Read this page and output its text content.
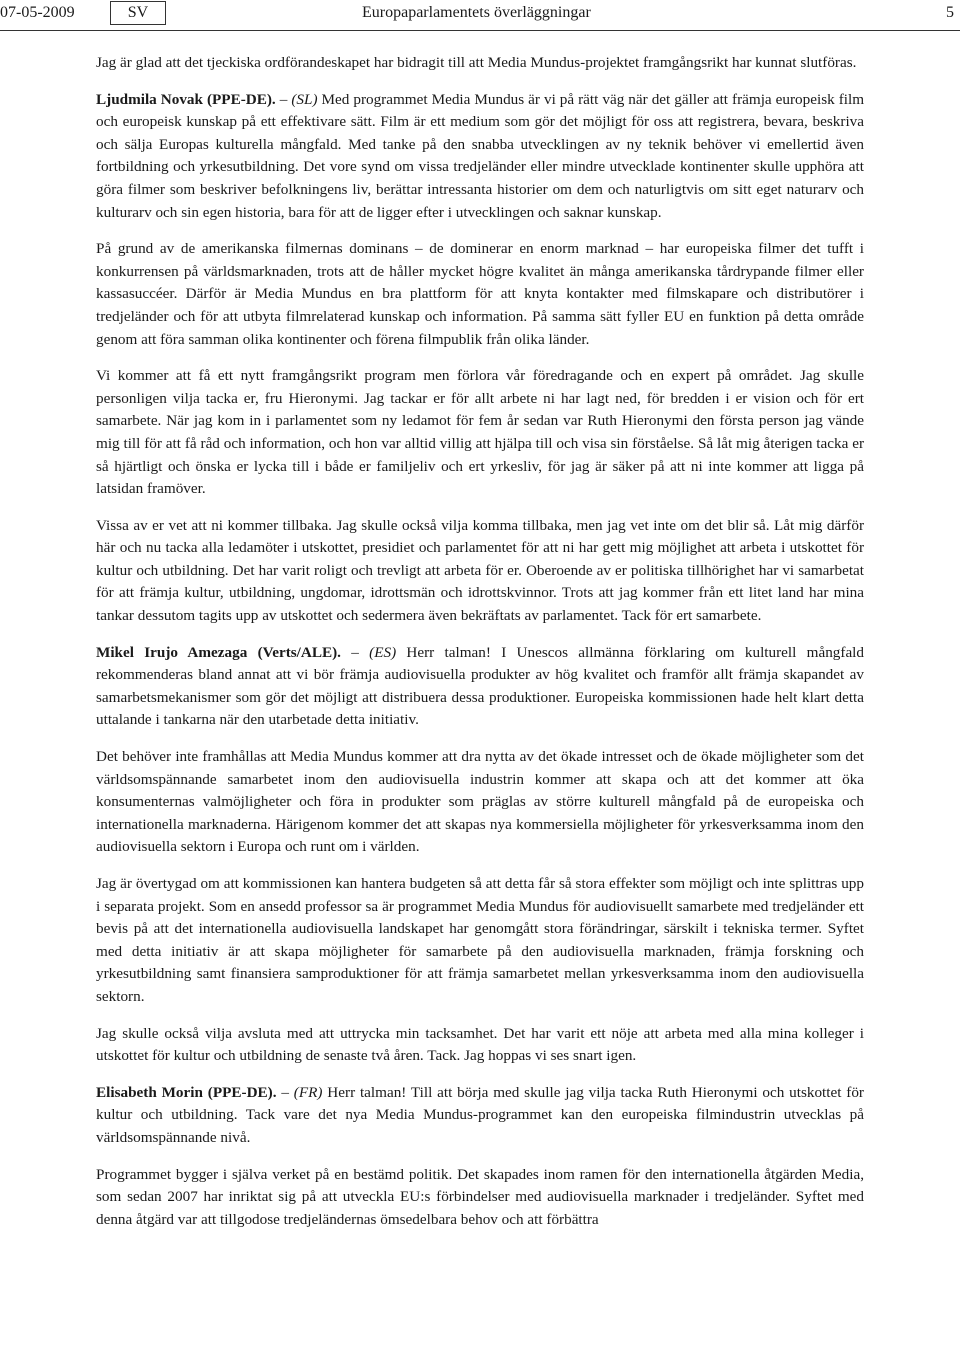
07-05-2009	SV	Europaparlamentets överläggningar	5

Jag är glad att det tjeckiska ordförandeskapet har bidragit till att Media Mundus-projektet framgångsrikt har kunnat slutföras.

Ljudmila Novak (PPE-DE). – (SL) Med programmet Media Mundus är vi på rätt väg när det gäller att främja europeisk film och europeisk kunskap på ett effektivare sätt. Film är ett medium som gör det möjligt för oss att registrera, bevara, beskriva och sälja Europas kulturella mångfald. Med tanke på den snabba utvecklingen av ny teknik behöver vi emellertid även fortbildning och yrkesutbildning. Det vore synd om vissa tredjeländer eller mindre utvecklade kontinenter skulle upphöra att göra filmer som beskriver befolkningens liv, berättar intressanta historier om dem och naturligtvis om sitt eget naturarv och kulturarv och sin egen historia, bara för att de ligger efter i utvecklingen och saknar kunskap.

På grund av de amerikanska filmernas dominans – de dominerar en enorm marknad – har europeiska filmer det tufft i konkurrensen på världsmarknaden, trots att de håller mycket högre kvalitet än många amerikanska tårdrypande filmer eller kassasuccéer. Därför är Media Mundus en bra plattform för att knyta kontakter med filmskapare och distributörer i tredjeländer och för att utbyta filmrelaterad kunskap och information. På samma sätt fyller EU en funktion på detta område genom att föra samman olika kontinenter och förena filmpublik från olika länder.

Vi kommer att få ett nytt framgångsrikt program men förlora vår föredragande och en expert på området. Jag skulle personligen vilja tacka er, fru Hieronymi. Jag tackar er för allt arbete ni har lagt ned, för bredden i er vision och för ert samarbete. När jag kom in i parlamentet som ny ledamot för fem år sedan var Ruth Hieronymi den första person jag vände mig till för att få råd och information, och hon var alltid villig att hjälpa till och visa sin förståelse. Så låt mig återigen tacka er så hjärtligt och önska er lycka till i både er familjeliv och ert yrkesliv, för jag är säker på att ni inte kommer att ligga på latsidan framöver.

Vissa av er vet att ni kommer tillbaka. Jag skulle också vilja komma tillbaka, men jag vet inte om det blir så. Låt mig därför här och nu tacka alla ledamöter i utskottet, presidiet och parlamentet för att ni har gett mig möjlighet att arbeta i utskottet för kultur och utbildning. Det har varit roligt och trevligt att arbeta för er. Oberoende av er politiska tillhörighet har vi samarbetat för att främja kultur, utbildning, ungdomar, idrottsmän och idrottskvinnor. Trots att jag kommer från ett litet land har mina tankar dessutom tagits upp av utskottet och sedermera även bekräftats av parlamentet. Tack för ert samarbete.

Mikel Irujo Amezaga (Verts/ALE). – (ES) Herr talman! I Unescos allmänna förklaring om kulturell mångfald rekommenderas bland annat att vi bör främja audiovisuella produkter av hög kvalitet och framför allt främja skapandet av samarbetsmekanismer som gör det möjligt att distribuera dessa produktioner. Europeiska kommissionen hade helt klart detta uttalande i tankarna när den utarbetade detta initiativ.

Det behöver inte framhållas att Media Mundus kommer att dra nytta av det ökade intresset och de ökade möjligheter som det världsomspännande samarbetet inom den audiovisuella industrin kommer att skapa och att det kommer att öka konsumenternas valmöjligheter och föra in produkter som präglas av större kulturell mångfald på de europeiska och internationella marknaderna. Härigenom kommer det att skapas nya kommersiella möjligheter för yrkesverksamma inom den audiovisuella sektorn i Europa och runt om i världen.

Jag är övertygad om att kommissionen kan hantera budgeten så att detta får så stora effekter som möjligt och inte splittras upp i separata projekt. Som en ansedd professor sa är programmet Media Mundus för audiovisuellt samarbete med tredjeländer ett bevis på att det internationella audiovisuella landskapet har genomgått stora förändringar, särskilt i tekniska termer. Syftet med detta initiativ är att skapa möjligheter för samarbete på den audiovisuella marknaden, främja forskning och yrkesutbildning samt finansiera samproduktioner för att främja samarbetet mellan yrkesverksamma inom den audiovisuella sektorn.

Jag skulle också vilja avsluta med att uttrycka min tacksamhet. Det har varit ett nöje att arbeta med alla mina kolleger i utskottet för kultur och utbildning de senaste två åren. Tack. Jag hoppas vi ses snart igen.

Elisabeth Morin (PPE-DE). – (FR) Herr talman! Till att börja med skulle jag vilja tacka Ruth Hieronymi och utskottet för kultur och utbildning. Tack vare det nya Media Mundus-programmet kan den europeiska filmindustrin utvecklas på världsomspännande nivå.

Programmet bygger i själva verket på en bestämd politik. Det skapades inom ramen för den internationella åtgärden Media, som sedan 2007 har inriktat sig på att utveckla EU:s förbindelser med audiovisuella marknader i tredjeländer. Syftet med denna åtgärd var att tillgodose tredjeländernas ömsedelbara behov och att förbättra
